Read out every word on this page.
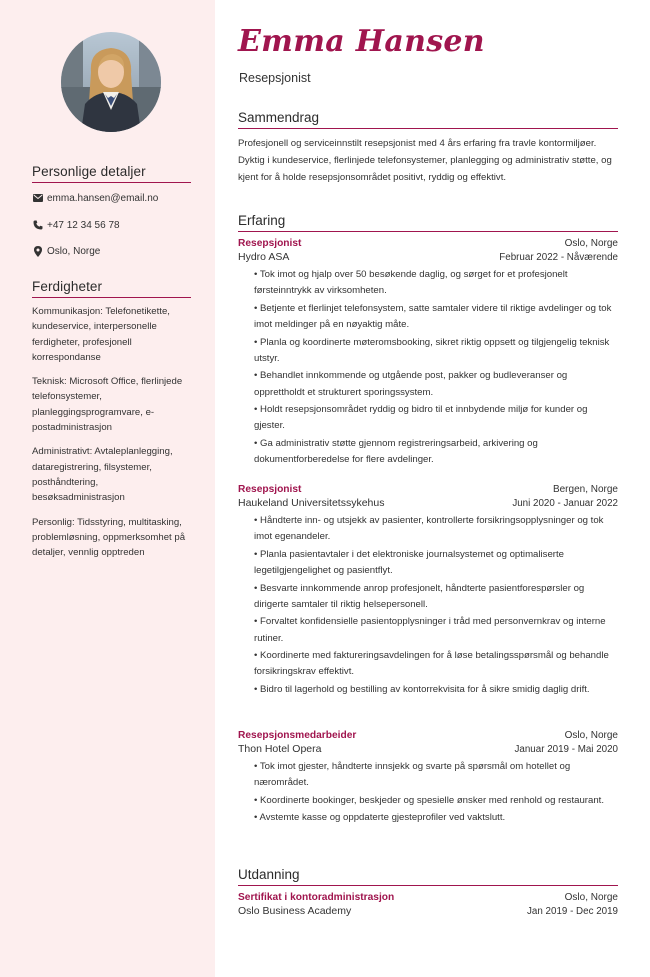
Personlige detaljer
emma.hansen@email.no
+47 12 34 56 78
Oslo, Norge
Ferdigheter
Kommunikasjon: Telefonetikette, kundeservice, interpersonelle ferdigheter, profesjonell korrespondanse
Teknisk: Microsoft Office, flerlinjede telefonsystemer, planleggingsprogramvare, e-postadministrasjon
Administrativt: Avtaleplanlegging, dataregistrering, filsystemer, posthåndtering, besøksadministrasjon
Personlig: Tidsstyring, multitasking, problemløsning, oppmerksomhet på detaljer, vennlig opptreden
Emma Hansen
Resepsjonist
Sammendrag
Profesjonell og serviceinnstilt resepsjonist med 4 års erfaring fra travle kontormiljøer. Dyktig i kundeservice, flerlinjede telefonsystemer, planlegging og administrativ støtte, og kjent for å holde resepsjonsområdet positivt, ryddig og effektivt.
Erfaring
Resepsjonist	Oslo, Norge
Hydro ASA	Februar 2022 - Nåværende
• Tok imot og hjalp over 50 besøkende daglig, og sørget for et profesjonelt førsteinntrykk av virksomheten.
• Betjente et flerlinjet telefonsystem, satte samtaler videre til riktige avdelinger og tok imot meldinger på en nøyaktig måte.
• Planla og koordinerte møteromsbooking, sikret riktig oppsett og tilgjengelig teknisk utstyr.
• Behandlet innkommende og utgående post, pakker og budleveranser og opprettholdt et strukturert sporingssystem.
• Holdt resepsjonsområdet ryddig og bidro til et innbydende miljø for kunder og gjester.
• Ga administrativ støtte gjennom registreringsarbeid, arkivering og dokumentforberedelse for flere avdelinger.
Resepsjonist	Bergen, Norge
Haukeland Universitetssykehus	Juni 2020 - Januar 2022
• Håndterte inn- og utsjekk av pasienter, kontrollerte forsikringsopplysninger og tok imot egenandeler.
• Planla pasientavtaler i det elektroniske journalsystemet og optimaliserte legetilgjengelighet og pasientflyt.
• Besvarte innkommende anrop profesjonelt, håndterte pasientforespørsler og dirigerte samtaler til riktig helsepersonell.
• Forvaltet konfidensielle pasientopplysninger i tråd med personvernkrav og interne rutiner.
• Koordinerte med faktureringsavdelingen for å løse betalingsspørsmål og behandle forsikringskrav effektivt.
• Bidro til lagerhold og bestilling av kontorrekvisita for å sikre smidig daglig drift.
Resepsjonsmedarbeider	Oslo, Norge
Thon Hotel Opera	Januar 2019 - Mai 2020
• Tok imot gjester, håndterte innsjekk og svarte på spørsmål om hotellet og nærområdet.
• Koordinerte bookinger, beskjeder og spesielle ønsker med renhold og restaurant.
• Avstemte kasse og oppdaterte gjesteprofiler ved vaktslutt.
Utdanning
Sertifikat i kontoradministrasjon	Oslo, Norge
Oslo Business Academy	Jan 2019 - Dec 2019
